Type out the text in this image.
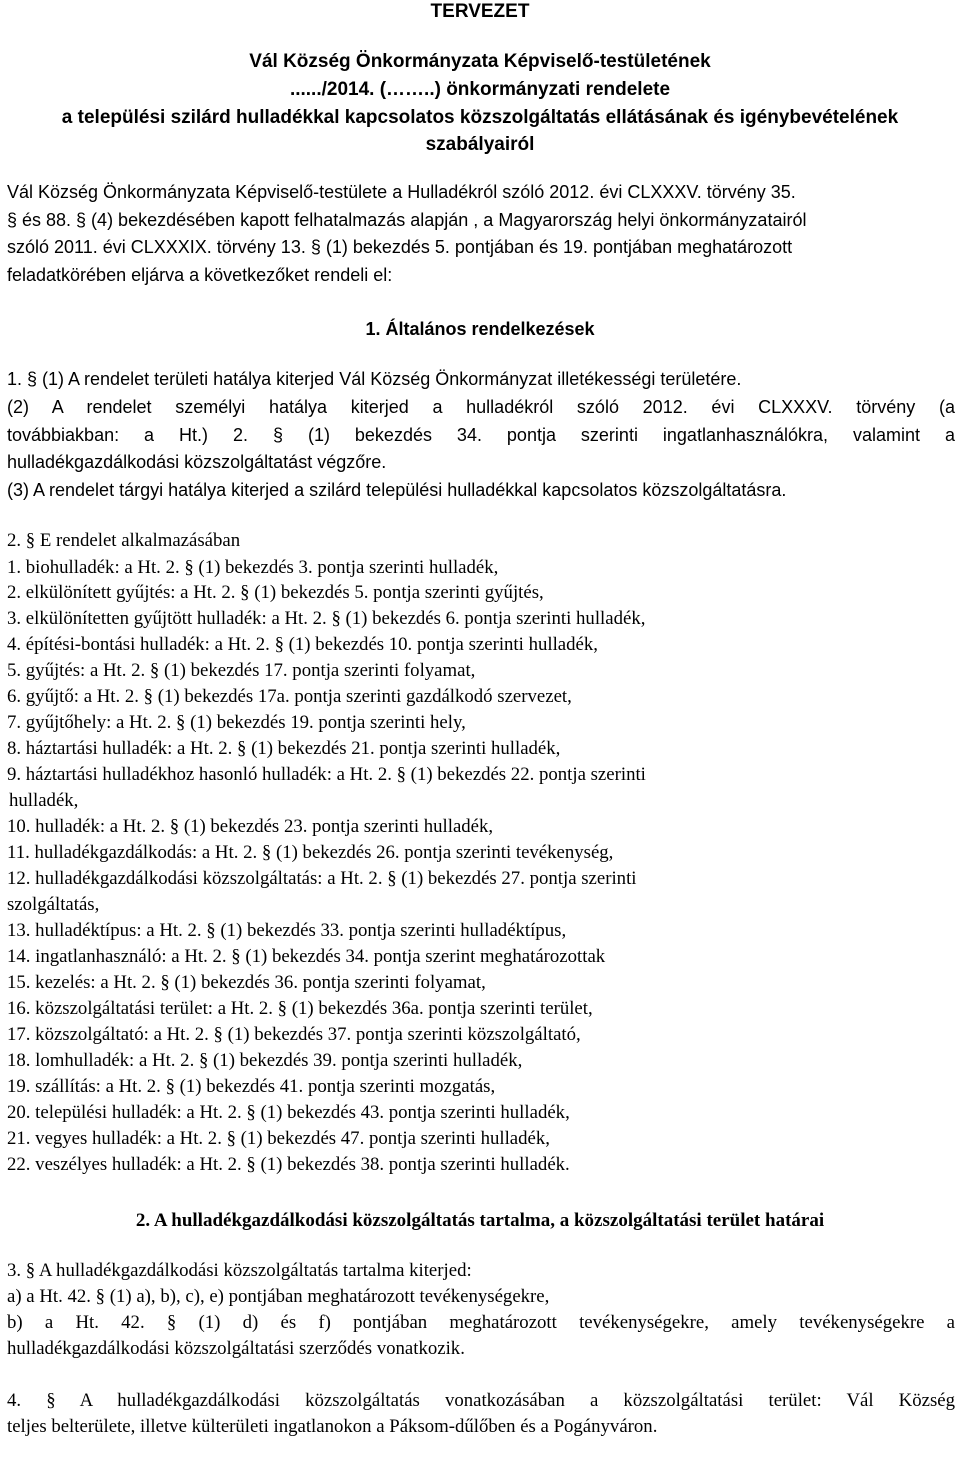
TERVEZET
Vál Község Önkormányzata Képviselő-testületének
....../2014. (……..) önkormányzati rendelete
a települési szilárd hulladékkal kapcsolatos közszolgáltatás ellátásának és igénybevételének
szabályairól
Vál Község Önkormányzata Képviselő-testülete a Hulladékról szóló 2012. évi CLXXXV. törvény 35.
§ és 88. § (4) bekezdésében kapott felhatalmazás alapján , a Magyarország helyi önkormányzatairól
szóló 2011. évi CLXXXIX. törvény 13. § (1) bekezdés 5. pontjában és 19. pontjában meghatározott
feladatkörében eljárva a következőket rendeli el:
1. Általános rendelkezések
1. § (1) A rendelet területi hatálya kiterjed Vál Község Önkormányzat illetékességi területére.
(2) A rendelet személyi hatálya kiterjed a hulladékról szóló 2012. évi CLXXXV. törvény (a
továbbiakban: a Ht.) 2. § (1) bekezdés 34. pontja szerinti ingatlanhasználókra, valamint a
hulladékgazdálkodási közszolgáltatást végzőre.
(3) A rendelet tárgyi hatálya kiterjed a szilárd települési hulladékkal kapcsolatos közszolgáltatásra.
2. § E rendelet alkalmazásában
1. biohulladék: a Ht. 2. § (1) bekezdés 3. pontja szerinti hulladék,
2. elkülönített gyűjtés: a Ht. 2. § (1) bekezdés 5. pontja szerinti gyűjtés,
3. elkülönítetten gyűjtött hulladék: a Ht. 2. § (1) bekezdés 6. pontja szerinti hulladék,
4. építési-bontási hulladék: a Ht. 2. § (1) bekezdés 10. pontja szerinti hulladék,
5. gyűjtés: a Ht. 2. § (1) bekezdés 17. pontja szerinti folyamat,
6. gyűjtő: a Ht. 2. § (1) bekezdés 17a. pontja szerinti gazdálkodó szervezet,
7. gyűjtőhely: a Ht. 2. § (1) bekezdés 19. pontja szerinti hely,
8. háztartási hulladék: a Ht. 2. § (1) bekezdés 21. pontja szerinti hulladék,
9. háztartási hulladékhoz hasonló hulladék: a Ht. 2. § (1) bekezdés 22. pontja szerinti
hulladék,
10. hulladék: a Ht. 2. § (1) bekezdés 23. pontja szerinti hulladék,
11. hulladékgazdálkodás: a Ht. 2. § (1) bekezdés 26. pontja szerinti tevékenység,
12. hulladékgazdálkodási közszolgáltatás: a Ht. 2. § (1) bekezdés 27. pontja szerinti
szolgáltatás,
13. hulladéktípus: a Ht. 2. § (1) bekezdés 33. pontja szerinti hulladéktípus,
14. ingatlanhasználó: a Ht. 2. § (1) bekezdés 34. pontja szerint meghatározottak
15. kezelés: a Ht. 2. § (1) bekezdés 36. pontja szerinti folyamat,
16. közszolgáltatási terület: a Ht. 2. § (1) bekezdés 36a. pontja szerinti terület,
17. közszolgáltató: a Ht. 2. § (1) bekezdés 37. pontja szerinti közszolgáltató,
18. lomhulladék: a Ht. 2. § (1) bekezdés 39. pontja szerinti hulladék,
19. szállítás: a Ht. 2. § (1) bekezdés 41. pontja szerinti mozgatás,
20. települési hulladék: a Ht. 2. § (1) bekezdés 43. pontja szerinti hulladék,
21. vegyes hulladék: a Ht. 2. § (1) bekezdés 47. pontja szerinti hulladék,
22. veszélyes hulladék: a Ht. 2. § (1) bekezdés 38. pontja szerinti hulladék.
2. A hulladékgazdálkodási közszolgáltatás tartalma, a közszolgáltatási terület határai
3. § A hulladékgazdálkodási közszolgáltatás tartalma kiterjed:
a) a Ht. 42. § (1) a), b), c), e) pontjában meghatározott tevékenységekre,
b) a Ht. 42. § (1) d) és f) pontjában meghatározott tevékenységekre, amely tevékenységekre a
hulladékgazdálkodási közszolgáltatási szerződés vonatkozik.
4. § A hulladékgazdálkodási közszolgáltatás vonatkozásában a közszolgáltatási terület: Vál Község
teljes belterülete, illetve külterületi ingatlanokon a Páksom-dűlőben és a Pogányváron.
